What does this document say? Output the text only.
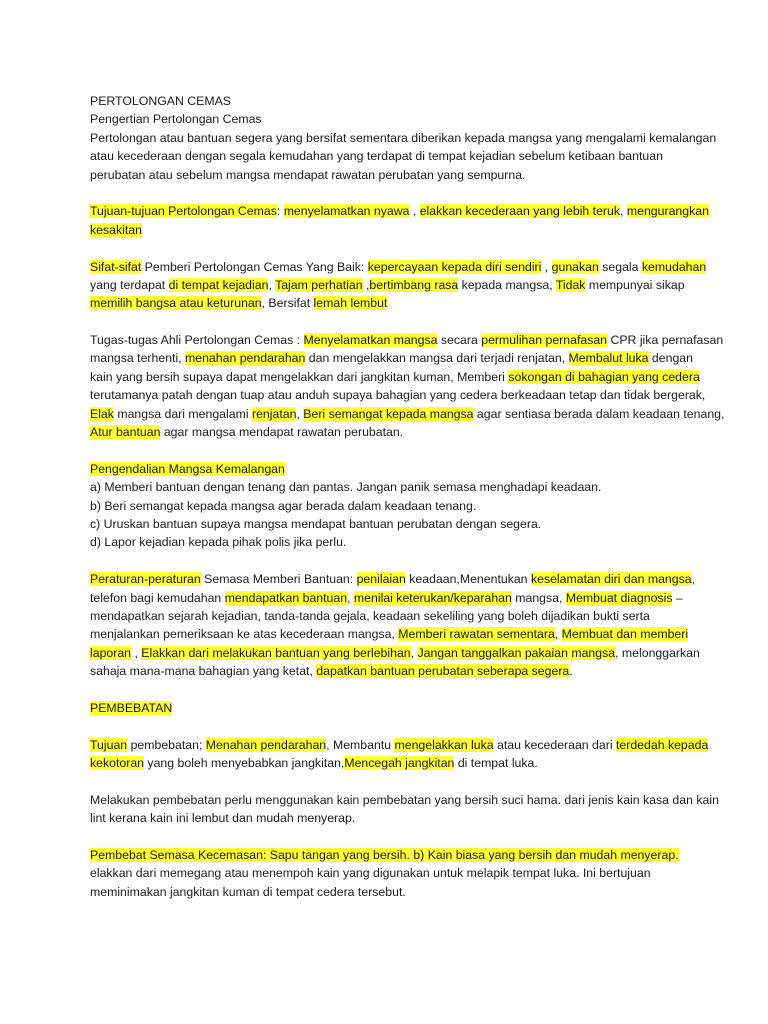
PERTOLONGAN CEMAS
Pengertian Pertolongan Cemas
Pertolongan atau bantuan segera yang bersifat sementara diberikan kepada mangsa yang mengalami kemalangan
atau kecederaan dengan segala kemudahan yang terdapat di tempat kejadian sebelum ketibaan bantuan
perubatan atau sebelum mangsa mendapat rawatan perubatan yang sempurna.
Tujuan-tujuan Pertolongan Cemas: menyelamatkan nyawa , elakkan kecederaan yang lebih teruk, mengurangkan
kesakitan
Sifat-sifat Pemberi Pertolongan Cemas Yang Baik: kepercayaan kepada diri sendiri , gunakan segala kemudahan
yang terdapat di tempat kejadian, Tajam perhatian ,bertimbang rasa kepada mangsa, Tidak mempunyai sikap
memilih bangsa atau keturunan, Bersifat lemah lembut
Tugas-tugas Ahli Pertolongan Cemas : Menyelamatkan mangsa secara permulihan pernafasan CPR jika pernafasan
mangsa terhenti, menahan pendarahan dan mengelakkan mangsa dari terjadi renjatan, Membalut luka dengan
kain yang bersih supaya dapat mengelakkan dari jangkitan kuman, Memberi sokongan di bahagian yang cedera
terutamanya patah dengan tuap atau anduh supaya bahagian yang cedera berkeadaan tetap dan tidak bergerak,
Elak mangsa dari mengalami renjatan, Beri semangat kepada mangsa agar sentiasa berada dalam keadaan tenang,
Atur bantuan agar mangsa mendapat rawatan perubatan.
Pengendalian Mangsa Kemalangan
a) Memberi bantuan dengan tenang dan pantas. Jangan panik semasa menghadapi keadaan.
b) Beri semangat kepada mangsa agar berada dalam keadaan tenang.
c) Uruskan bantuan supaya mangsa mendapat bantuan perubatan dengan segera.
d) Lapor kejadian kepada pihak polis jika perlu.
Peraturan-peraturan Semasa Memberi Bantuan: penilaian keadaan,Menentukan keselamatan diri dan mangsa,
telefon bagi kemudahan mendapatkan bantuan, menilai keterukan/keparahan mangsa, Membuat diagnosis –
mendapatkan sejarah kejadian, tanda-tanda gejala, keadaan sekeliling yang boleh dijadikan bukti serta
menjalankan pemeriksaan ke atas kecederaan mangsa, Memberi rawatan sementara, Membuat dan memberi
laporan , Elakkan dari melakukan bantuan yang berlebihan, Jangan tanggalkan pakaian mangsa, melonggarkan
sahaja mana-mana bahagian yang ketat, dapatkan bantuan perubatan seberapa segera.
PEMBEBATAN
Tujuan pembebatan; Menahan pendarahan, Membantu mengelakkan luka atau kecederaan dari terdedah kepada
kekotoran yang boleh menyebabkan jangkitan,Mencegah jangkitan di tempat luka.
Melakukan pembebatan perlu menggunakan kain pembebatan yang bersih suci hama. dari jenis kain kasa dan kain
lint kerana kain ini lembut dan mudah menyerap.
Pembebat Semasa Kecemasan: Sapu tangan yang bersih. b) Kain biasa yang bersih dan mudah menyerap.
elakkan dari memegang atau menempoh kain yang digunakan untuk melapik tempat luka. Ini bertujuan
meminimakan jangkitan kuman di tempat cedera tersebut.
